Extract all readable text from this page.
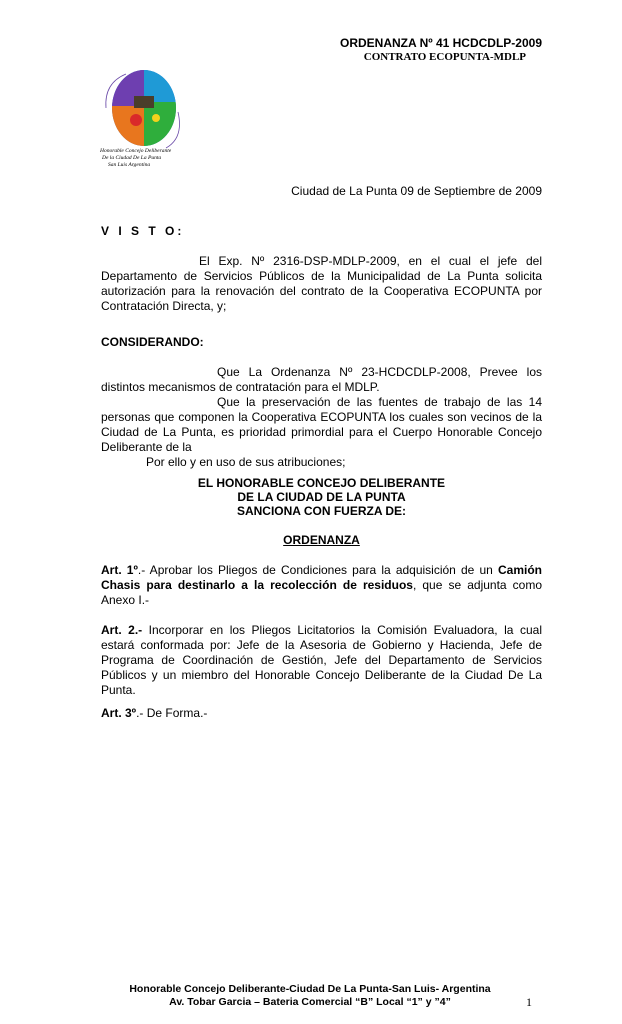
ORDENANZA Nº 41 HCDCDLP-2009
CONTRATO ECOPUNTA-MDLP
Honorable Concejo Deliberante
De la Ciudad De La Punta
San Luis Argentina
Ciudad de La Punta 09 de Septiembre de 2009
V I S T O:

El Exp. Nº 2316-DSP-MDLP-2009, en el cual el jefe del Departamento de Servicios Públicos de la Municipalidad de La Punta solicita autorización para la renovación del contrato de la Cooperativa ECOPUNTA por Contratación Directa, y;

CONSIDERANDO:

Que La Ordenanza Nº 23-HCDCDLP-2008, Prevee los distintos mecanismos de contratación para el MDLP.

Que la preservación de las fuentes de trabajo de las 14 personas que componen la Cooperativa ECOPUNTA los cuales son vecinos de la Ciudad de La Punta, es prioridad primordial para el Cuerpo Honorable Concejo Deliberante de la

Por ello y en uso de sus atribuciones;

EL HONORABLE CONCEJO DELIBERANTE
DE LA CIUDAD DE LA PUNTA
SANCIONA CON FUERZA DE:
ORDENANZA

Art. 1º.- Aprobar los Pliegos de Condiciones para la adquisición de un Camión Chasis para destinarlo a la recolección de residuos, que se adjunta como Anexo I.-

Art. 2.- Incorporar en los Pliegos Licitatorios la Comisión Evaluadora, la cual estará conformada por: Jefe de la Asesoria de Gobierno y Hacienda, Jefe de Programa de Coordinación de Gestión, Jefe del Departamento de Servicios Públicos y un miembro del Honorable Concejo Deliberante de la Ciudad De La Punta.

Art. 3º.- De Forma.-

Honorable Concejo Deliberante-Ciudad De La Punta-San Luis- Argentina
Av. Tobar Garcia – Bateria Comercial “B” Local “1” y ”4”	1
